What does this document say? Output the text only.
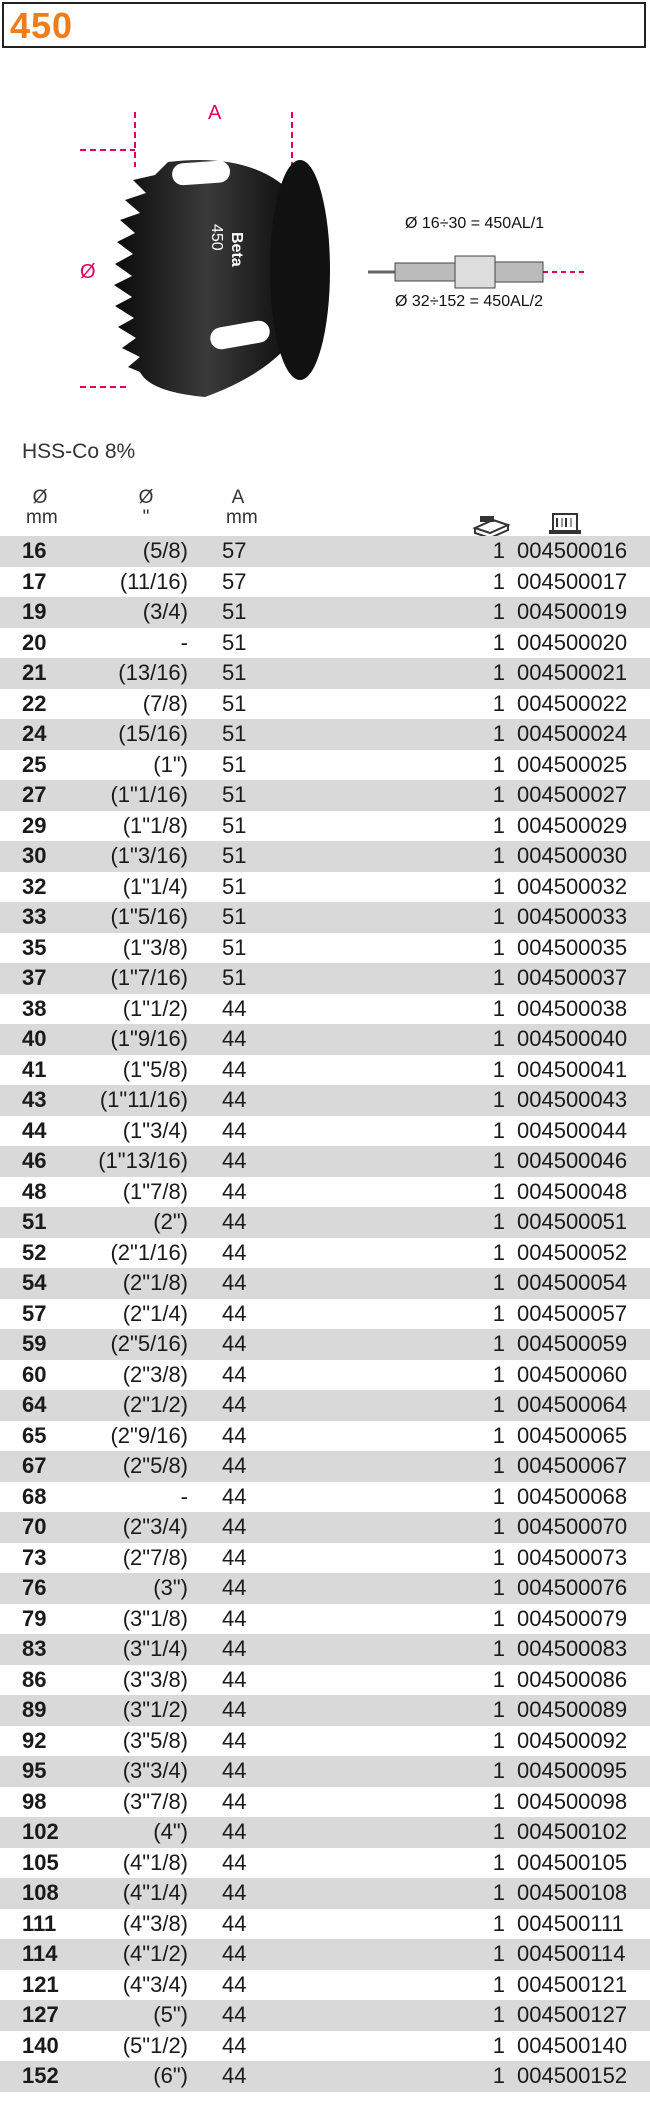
450
A
Ø
Beta
450
Ø 16÷30 = 450AL/1
Ø 32÷152 = 450AL/2
HSS-Co 8%
Ø
mm
Ø
"
A
mm
16	(5/8) 57	1 004500016
17	(11/16) 57	1 004500017
19	(3/4) 51	1 004500019
20	- 51	1 004500020
21	(13/16) 51	1 004500021
22	(7/8) 51	1 004500022
24	(15/16) 51	1 004500024
25	(1") 51	1 004500025
27	(1"1/16) 51	1 004500027
29	(1"1/8) 51	1 004500029
30	(1"3/16) 51	1 004500030
32	(1"1/4) 51	1 004500032
33	(1"5/16) 51	1 004500033
35	(1"3/8) 51	1 004500035
37	(1"7/16) 51	1 004500037
38	(1"1/2) 44	1 004500038
40	(1"9/16) 44	1 004500040
41	(1"5/8) 44	1 004500041
43 (1"11/16) 44	1 004500043
44	(1"3/4) 44	1 004500044
46 (1"13/16) 44	1 004500046
48	(1"7/8) 44	1 004500048
51	(2") 44	1 004500051
52	(2"1/16) 44	1 004500052
54	(2"1/8) 44	1 004500054
57	(2"1/4) 44	1 004500057
59	(2"5/16) 44	1 004500059
60	(2"3/8) 44	1 004500060
64	(2"1/2) 44	1 004500064
65	(2"9/16) 44	1 004500065
67	(2"5/8) 44	1 004500067
68	- 44	1 004500068
70	(2"3/4) 44	1 004500070
73	(2"7/8) 44	1 004500073
76	(3") 44	1 004500076
79	(3"1/8) 44	1 004500079
83	(3"1/4) 44	1 004500083
86	(3"3/8) 44	1 004500086
89	(3"1/2) 44	1 004500089
92	(3"5/8) 44	1 004500092
95	(3"3/4) 44	1 004500095
98	(3"7/8) 44	1 004500098
102	(4") 44	1 004500102
105	(4"1/8) 44	1 004500105
108	(4"1/4) 44	1 004500108
111	(4"3/8) 44	1 004500111
114	(4"1/2) 44	1 004500114
121	(4"3/4) 44	1 004500121
127	(5") 44	1 004500127
140	(5"1/2) 44	1 004500140
152	(6") 44	1 004500152
